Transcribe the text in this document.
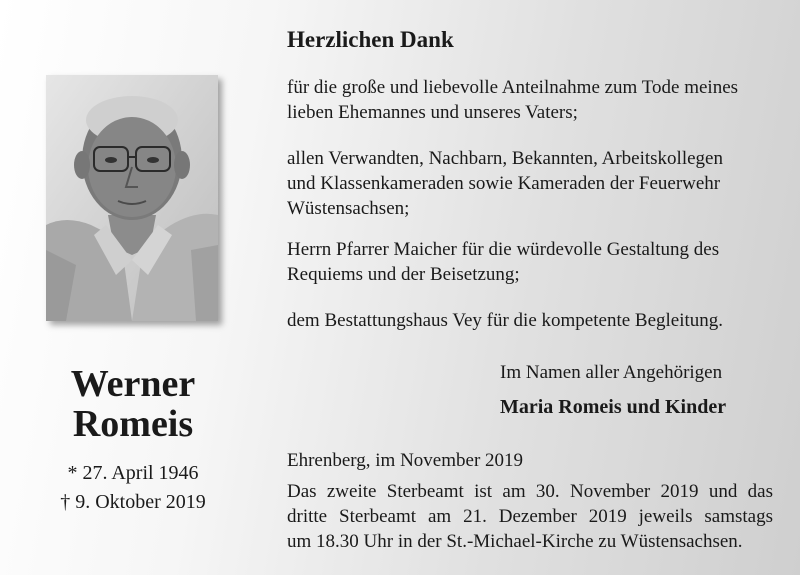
Werner
Romeis
* 27. April 1946
† 9. Oktober 2019
Herzlichen Dank
für die große und liebevolle Anteilnahme zum Tode meines
lieben Ehemannes und unseres Vaters;
allen Verwandten, Nachbarn, Bekannten, Arbeitskollegen
und Klassenkameraden sowie Kameraden der Feuerwehr
Wüstensachsen;
Herrn Pfarrer Maicher für die würdevolle Gestaltung des
Requiems und der Beisetzung;
dem Bestattungshaus Vey für die kompetente Begleitung.
Im Namen aller Angehörigen
Maria Romeis und Kinder
Ehrenberg, im November 2019
Das zweite Sterbeamt ist am 30. November 2019 und das
dritte Sterbeamt am 21. Dezember 2019 jeweils samstags
um 18.30 Uhr in der St.-Michael-Kirche zu Wüstensachsen.
